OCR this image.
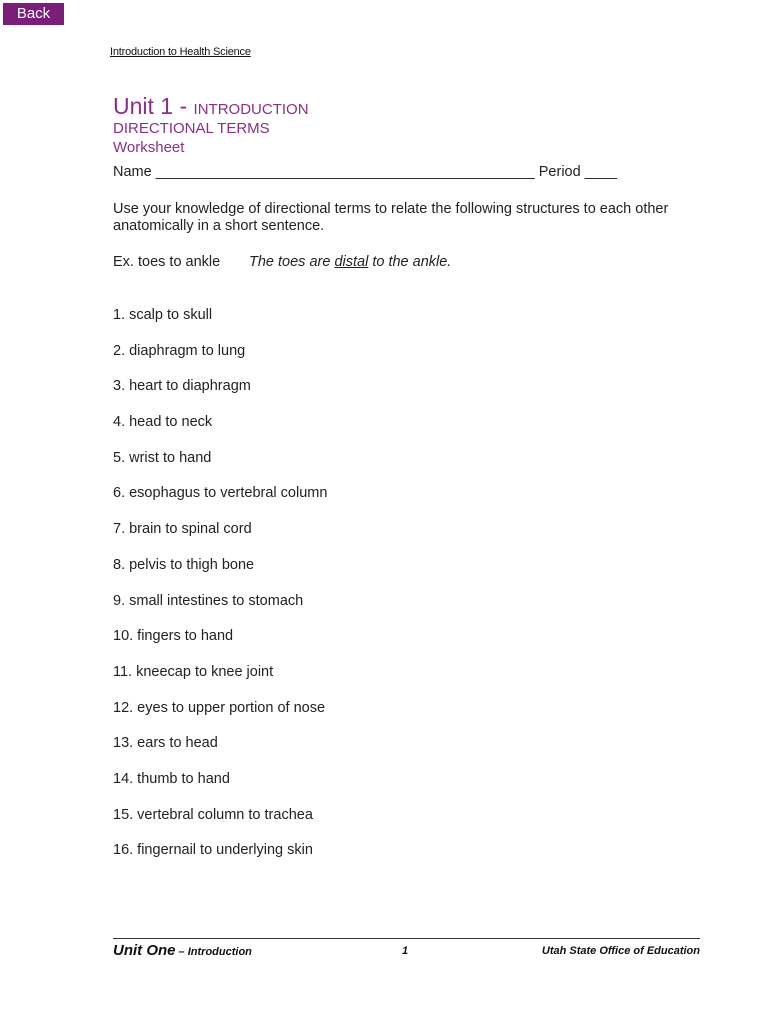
Back
Introduction to Health Science
Unit 1 - INTRODUCTION
DIRECTIONAL TERMS
Worksheet
Name _______________________________________________ Period ____
Use your knowledge of directional terms to relate the following structures to each other anatomically in a short sentence.
Ex. toes to ankle The toes are distal to the ankle.
1. scalp to skull
2. diaphragm to lung
3. heart to diaphragm
4. head to neck
5. wrist to hand
6. esophagus to vertebral column
7. brain to spinal cord
8. pelvis to thigh bone
9. small intestines to stomach
10. fingers to hand
11. kneecap to knee joint
12. eyes to upper portion of nose
13. ears to head
14. thumb to hand
15. vertebral column to trachea
16. fingernail to underlying skin
Unit One – Introduction	1	Utah State Office of Education
